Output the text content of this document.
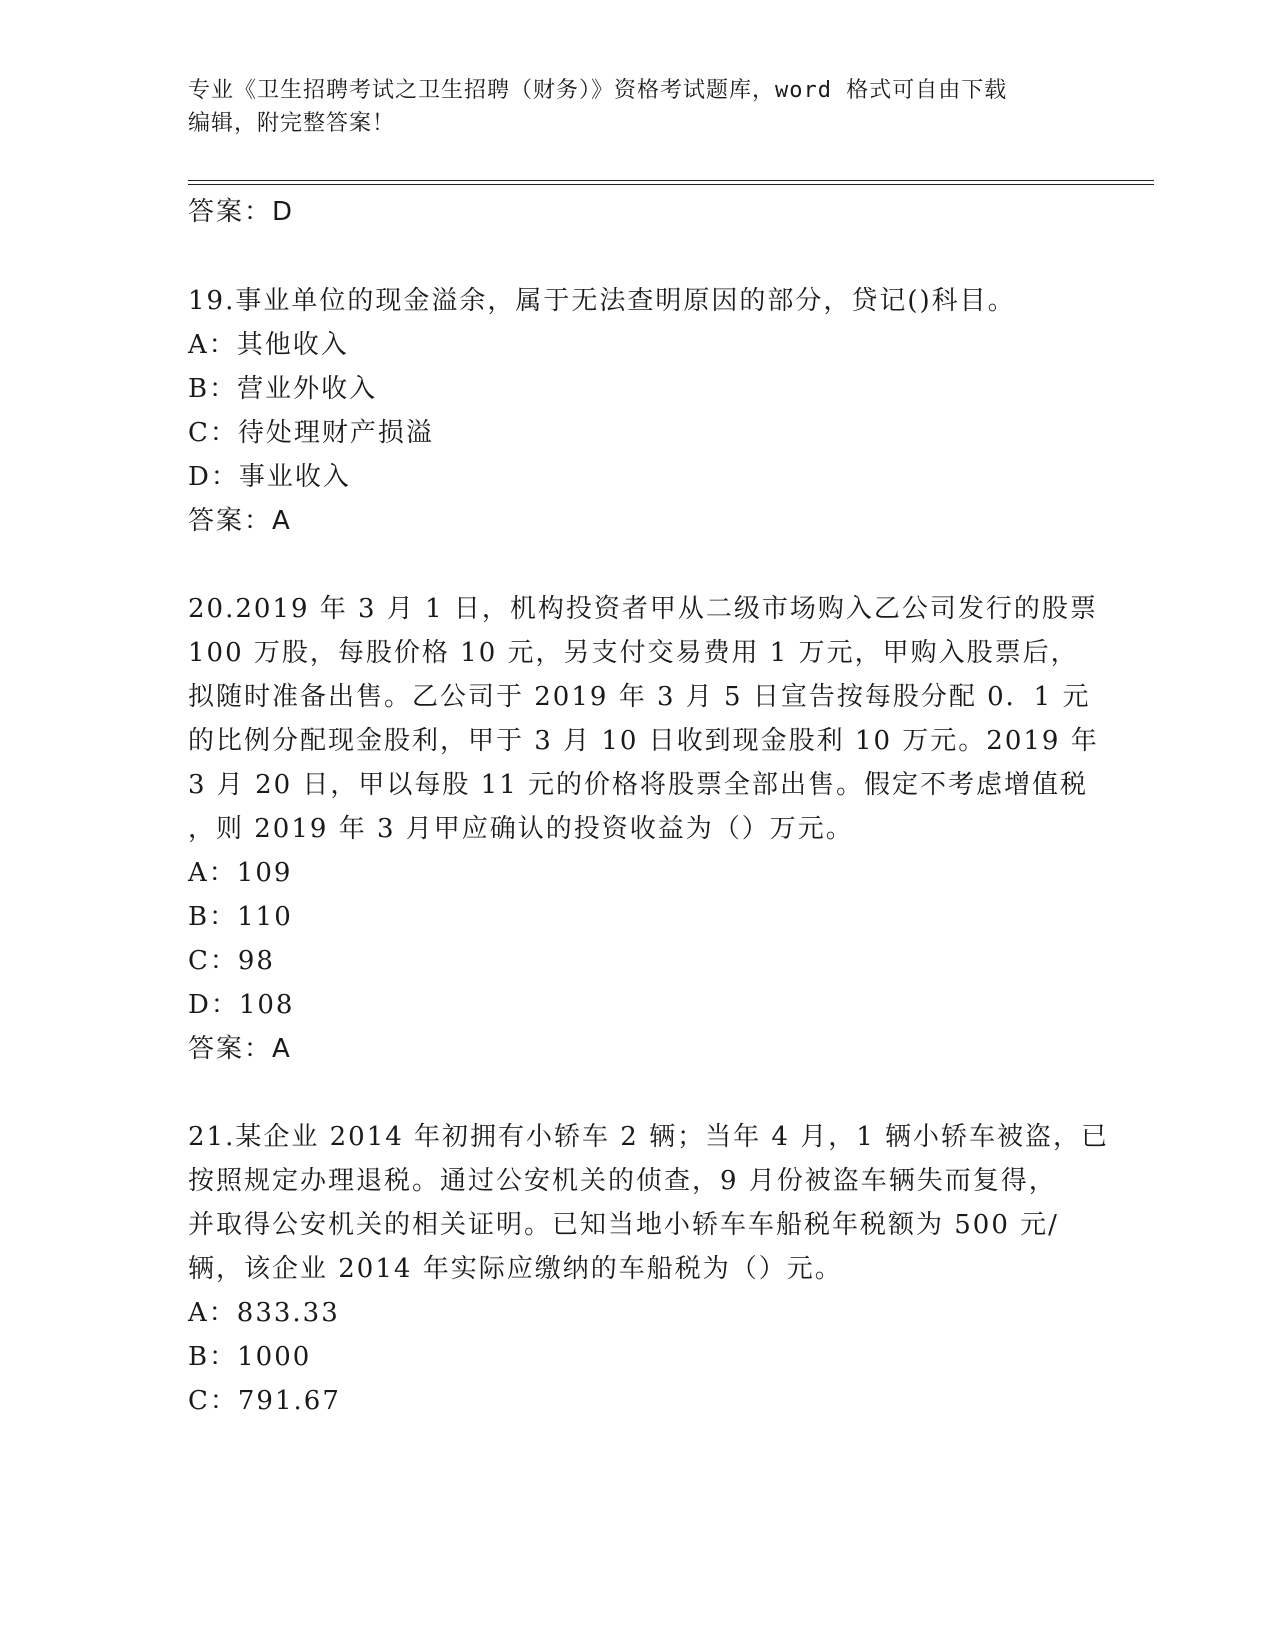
专业《卫生招聘考试之卫生招聘（财务）》资格考试题库，word 格式可自由下载
编辑，附完整答案！
答案：D
19.事业单位的现金溢余，属于无法查明原因的部分，贷记()科目。
A：其他收入
B：营业外收入
C：待处理财产损溢
D：事业收入
答案：A
20.2019 年 3 月 1 日，机构投资者甲从二级市场购入乙公司发行的股票
100 万股，每股价格 10 元，另支付交易费用 1 万元，甲购入股票后，
拟随时准备出售。乙公司于 2019 年 3 月 5 日宣告按每股分配 0．1 元
的比例分配现金股利，甲于 3 月 10 日收到现金股利 10 万元。2019 年
3 月 20 日，甲以每股 11 元的价格将股票全部出售。假定不考虑增值税
，则 2019 年 3 月甲应确认的投资收益为（）万元。
A：109
B：110
C：98
D：108
答案：A
21.某企业 2014 年初拥有小轿车 2 辆；当年 4 月，1 辆小轿车被盗，已
按照规定办理退税。通过公安机关的侦查，9 月份被盗车辆失而复得，
并取得公安机关的相关证明。已知当地小轿车车船税年税额为 500 元/
辆，该企业 2014 年实际应缴纳的车船税为（）元。
A：833.33
B：1000
C：791.67
